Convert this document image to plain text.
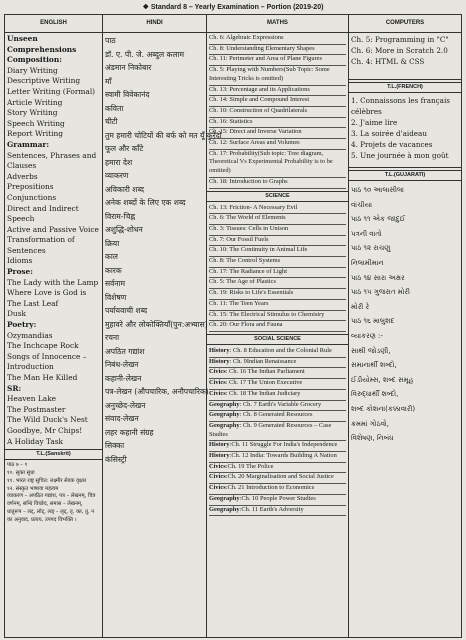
❖ Standard 8 – Yearly Examination – Portion (2019-20)
ENGLISH
Unseen Comprehensions
Composition:
Diary Writing
Descriptive Writing
Letter Writing (Formal)
Article Writing
Story Writing
Speech Writing
Report Writing
Grammar:
Sentences, Phrases and Clauses
Adverbs
Prepositions
Conjunctions
Direct and Indirect Speech
Active and Passive Voice
Transformation of Sentences
Idioms
Prose:
The Lady with the Lamp
Where Love is God is
The Last Leaf
Dusk
Poetry:
Ozymandias
The Inchcape Rock
Songs of Innocence – Introduction
The Man He Killed
SR:
Heaven Lake
The Postmaster
The Wild Duck's Nest
Goodbye, Mr Chips!
A Holiday Task
T.L.(Sanskrit)
पाठ ७ – ९
१०. सूक्त सुधा
११. भारत राष्ट्र सुचित: लक्ष्मीर सेवक वृक्षार
१२. संस्कृत भाषाया महत्वम
व्याकरण – अपठित गद्यांश, पत्र – लेखनम्, चित्र वर्णनम्, सन्धि विच्छेद, समास – लेखनम्,
धातुरूप – लट्, लोट्, लङ् – लृट्, तृ, क्त, तु, न का अनुवाद, प्रत्यय, उपपद विभक्ति ।
HINDI
पाठ
डॉ. ए. पी. जे. अब्दुल कलाम
अंडमान निकोबार
माँ
स्वामी विवेकानंद
कविता
चीटी
तुम हमारी चोटियों की बर्फ को मत यूँ कुरेदो
फूल और काँटे
हमारा देश
व्याकरण
अविकारी शब्द
अनेक शब्दों के लिए एक शब्द
विराम-चिह्न
अशुद्धि-शोधन
क्रिया
काल
कारक
सर्वनाम
विशेषण
पर्यायवाची शब्द
मुहावरे और लोकोक्तियाँ(पुन:अभ्यास)
रचना
अपठित गद्यांश
निबंध-लेखन
कहानी-लेखन
पत्र-लेखन (औपचारिक, अनौपचारिक)
अनुच्छेद-लेखन
संवाद-लेखन
लहर कहानी संग्रह
सिक्का
कंसिस्ट्री
MATHS
Ch. 6: Algebraic Expressions
Ch. 8: Understanding Elementary Shapes
Ch. 11: Perimeter and Area of Plane Figures
Ch. 5: Playing with Numbers(Sub Topic: Some Interesting Tricks is omitted)
Ch. 13: Percentage and its Applications
Ch. 14: Simple and Compound Interest
Ch. 10: Construction of Quadrilaterals
Ch. 16: Statistics
Ch. 15: Direct and Inverse Variation
Ch. 12: Surface Areas and Volumes
Ch. 17: Probability(Sub topic: Tree diagram, Theoretical Vs Experimental Probability is to be omitted)
Ch. 18: Introduction to Graphs
SCIENCE
Ch. 13: Friction- A Necessary Evil
Ch. 6: The World of Elements
Ch. 3: Tissues: Cells in Unison
Ch. 7: Our Fossil Fuels
Ch. 10: The Continuity in Animal Life
Ch. 8: The Control Systems
Ch. 17: The Radiance of Light
Ch. 5: The Age of Plastics
Ch. 19: Risks to Life's Essentials
Ch. 11: The Teen Years
Ch. 15: The Electrical Stimulus to Chemistry
Ch. 20: Our Flora and Fauna
SOCIAL SCIENCE
History: Ch. 8 Education and the Colonial Rule
History: Ch. 9Indian Renaissance
Civics: Ch. 16 The Indian Parliament
Civics: Ch. 17 The Union Executive
Civics: Ch. 18 The Indian Judiciary
Geography: Ch. 7 Earth's Variable Grocery
Geography: Ch. 8 Generated Resources
Geography: Ch. 9 Generated Resources – Case Studies
History:Ch. 11 Struggle For India's Independence
History:Ch. 12 India: Towards Building A Nation
Civics:Ch. 19 The Police
Civics:Ch. 20 Marginalisation and Social Justice
Civics:Ch. 21 Introduction to Economics
Geography:Ch. 10 People Power Studies
Geography:Ch. 11 Earth's Adversity
COMPUTERS
Ch. 5: Programming in "C"
Ch. 6: More in Scratch 2.0
Ch. 4: HTML & CSS
T.L.(FRENCH)
1. Connaissons les français célèbres
2. J'aime lire
3. La soirée d'aideau
4. Projets de vacances
5. Une journée à mon goût
T.L.(GUJARATI)
પાઠ ૧૦ આલાસીલા
વાંચીયા
પાઠ ૧૧ એક જાદુઈ
પત્રની વાતો
પાઠ ૧૨ રાચણુ
નિલામીમાન
પાઠ ૧૪ સારા અક્ષર
પાઠ ૧૫ ગુજરાત મોરી
મોરી રે
પાઠ ૧૬ માલુશદ
વ્યાકરણ :-
સાથી જોડણી,
સમાનાર્થી શબ્દો,
ઈડીયોમ્સ, શબ્દ સમૂહ
વિરુદ્ધાર્થી શબ્દો,
શબ્દ કોશના(કક્કાવારી)
ક્રમમાં ગોઠવો,
વિશેષણ, નિબંધ
